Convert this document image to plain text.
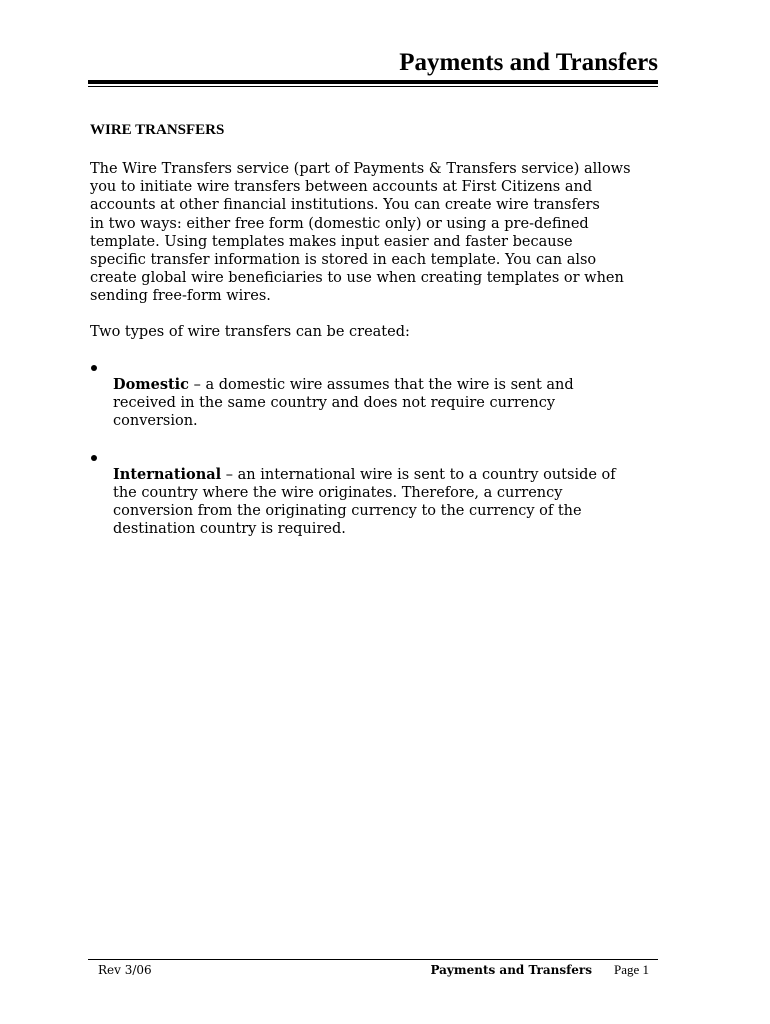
Payments and Transfers
WIRE TRANSFERS

The Wire Transfers service (part of Payments & Transfers service) allows
you to initiate wire transfers between accounts at First Citizens and
accounts at other financial institutions. You can create wire transfers
in two ways: either free form (domestic only) or using a pre-defined
template. Using templates makes input easier and faster because
specific transfer information is stored in each template. You can also
create global wire beneficiaries to use when creating templates or when
sending free-form wires.

Two types of wire transfers can be created:

Domestic – a domestic wire assumes that the wire is sent and
received in the same country and does not require currency
conversion.

International – an international wire is sent to a country outside of
the country where the wire originates. Therefore, a currency
conversion from the originating currency to the currency of the
destination country is required.

Rev 3/06	Payments and Transfers Page 1
